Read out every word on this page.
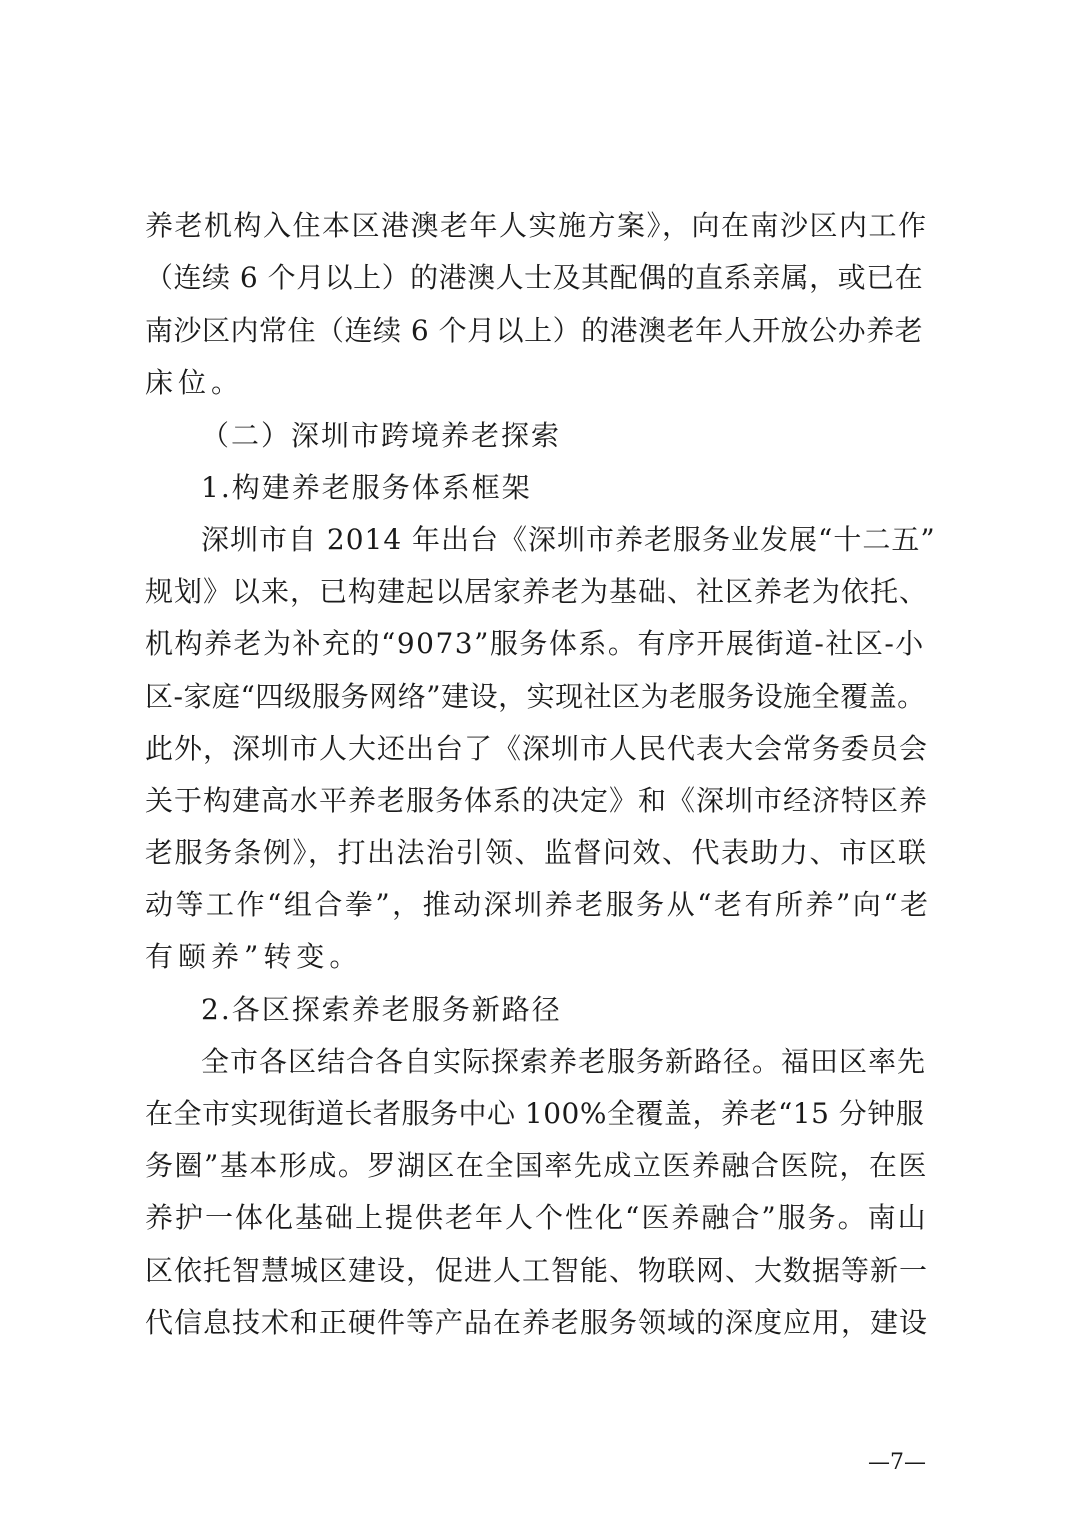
养老机构入住本区港澳老年人实施方案》，向在南沙区内工作
（连续 6 个月以上）的港澳人士及其配偶的直系亲属，或已在
南沙区内常住（连续 6 个月以上）的港澳老年人开放公办养老
床位。
（二）深圳市跨境养老探索
1.构建养老服务体系框架
深圳市自 2014 年出台《深圳市养老服务业发展“十二五”
规划》以来，已构建起以居家养老为基础、社区养老为依托、
机构养老为补充的“9073”服务体系。有序开展街道-社区-小
区-家庭“四级服务网络”建设，实现社区为老服务设施全覆盖。
此外，深圳市人大还出台了《深圳市人民代表大会常务委员会
关于构建高水平养老服务体系的决定》和《深圳市经济特区养
老服务条例》，打出法治引领、监督问效、代表助力、市区联
动等工作“组合拳”，推动深圳养老服务从“老有所养”向“老
有颐养”转变。
2.各区探索养老服务新路径
全市各区结合各自实际探索养老服务新路径。福田区率先
在全市实现街道长者服务中心 100%全覆盖，养老“15 分钟服
务圈”基本形成。罗湖区在全国率先成立医养融合医院，在医
养护一体化基础上提供老年人个性化“医养融合”服务。南山
区依托智慧城区建设，促进人工智能、物联网、大数据等新一
代信息技术和正硬件等产品在养老服务领域的深度应用，建设
—7—
